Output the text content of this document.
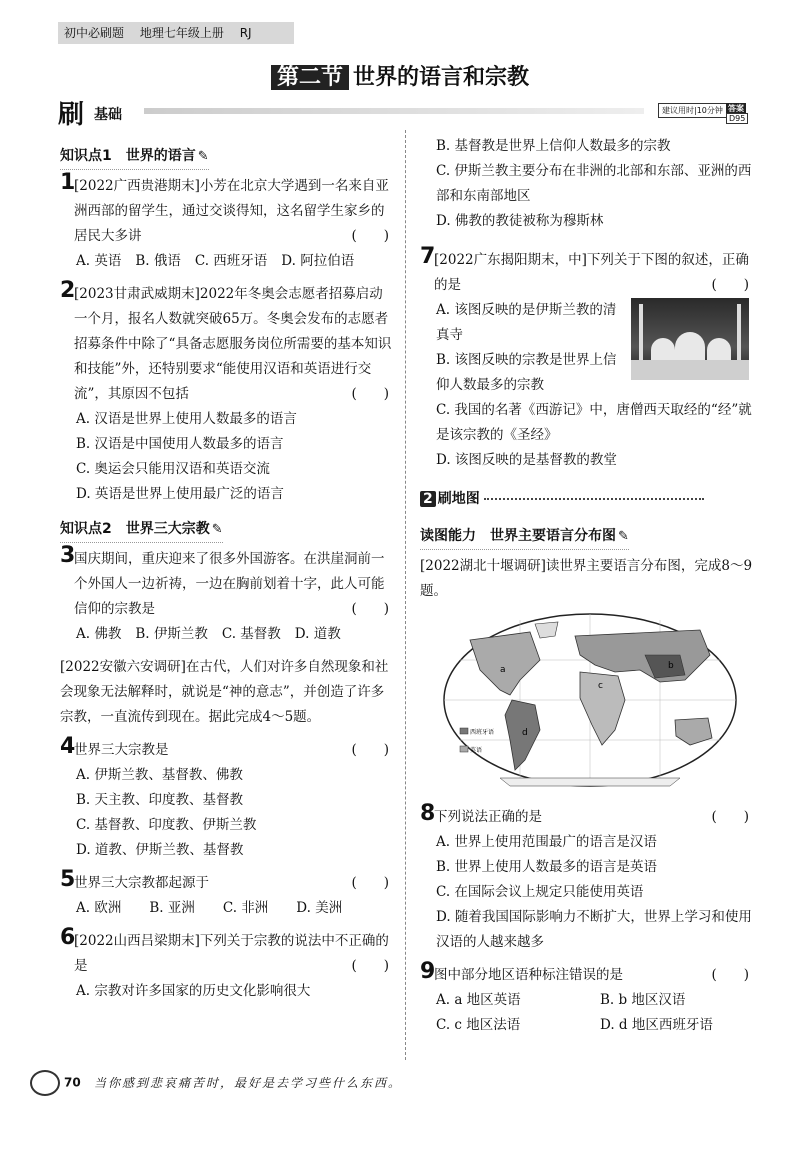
初中必刷题 地理七年级上册 RJ
第二节 世界的语言和宗教
刷 基础	建议用时|10分钟 答案D95
知识点1　世界的语言 ✎
1
[2022广西贵港期末]小芳在北京大学遇到一名来自亚洲西部的留学生，通过交谈得知，这名留学生家乡的居民大多讲	(　　)
A. 英语 B. 俄语 C. 西班牙语 D. 阿拉伯语
2
[2023甘肃武威期末]2022年冬奥会志愿者招募启动一个月，报名人数就突破65万。冬奥会发布的志愿者招募条件中除了“具备志愿服务岗位所需要的基本知识和技能”外，还特别要求“能使用汉语和英语进行交流”，其原因不包括	(　　)
A. 汉语是世界上使用人数最多的语言
B. 汉语是中国使用人数最多的语言
C. 奥运会只能用汉语和英语交流
D. 英语是世界上使用最广泛的语言
知识点2　世界三大宗教 ✎
3
国庆期间，重庆迎来了很多外国游客。在洪崖洞前一个外国人一边祈祷，一边在胸前划着十字，此人可能信仰的宗教是	(　　)
A. 佛教 B. 伊斯兰教 C. 基督教 D. 道教
[2022安徽六安调研]在古代，人们对许多自然现象和社会现象无法解释时，就说是“神的意志”，并创造了许多宗教，一直流传到现在。据此完成4～5题。
4
世界三大宗教是	(　　)
A. 伊斯兰教、基督教、佛教
B. 天主教、印度教、基督教
C. 基督教、印度教、伊斯兰教
D. 道教、伊斯兰教、基督教
5
世界三大宗教都起源于	(　　)
A. 欧洲 B. 亚洲 C. 非洲 D. 美洲
6
[2022山西吕梁期末]下列关于宗教的说法中不正确的是	(　　)
A. 宗教对许多国家的历史文化影响很大
B. 基督教是世界上信仰人数最多的宗教
C. 伊斯兰教主要分布在非洲的北部和东部、亚洲的西部和东南部地区
D. 佛教的教徒被称为穆斯林
7
[2022广东揭阳期末，中]下列关于下图的叙述，正确的是	(　　)
A. 该图反映的是伊斯兰教的清真寺
B. 该图反映的宗教是世界上信仰人数最多的宗教
C. 我国的名著《西游记》中，唐僧西天取经的“经”就是该宗教的《圣经》
D. 该图反映的是基督教的教堂
2 刷地图
读图能力　世界主要语言分布图 ✎
[2022湖北十堰调研]读世界主要语言分布图，完成8～9题。
a	b
c
d
西班牙语
英语
8
下列说法正确的是	(　　)
A. 世界上使用范围最广的语言是汉语
B. 世界上使用人数最多的语言是英语
C. 在国际会议上规定只能使用英语
D. 随着我国国际影响力不断扩大，世界上学习和使用汉语的人越来越多
9
图中部分地区语种标注错误的是	(　　)
A. a 地区英语	B. b 地区汉语
C. c 地区法语	D. d 地区西班牙语
70 当你感到悲哀痛苦时，最好是去学习些什么东西。
